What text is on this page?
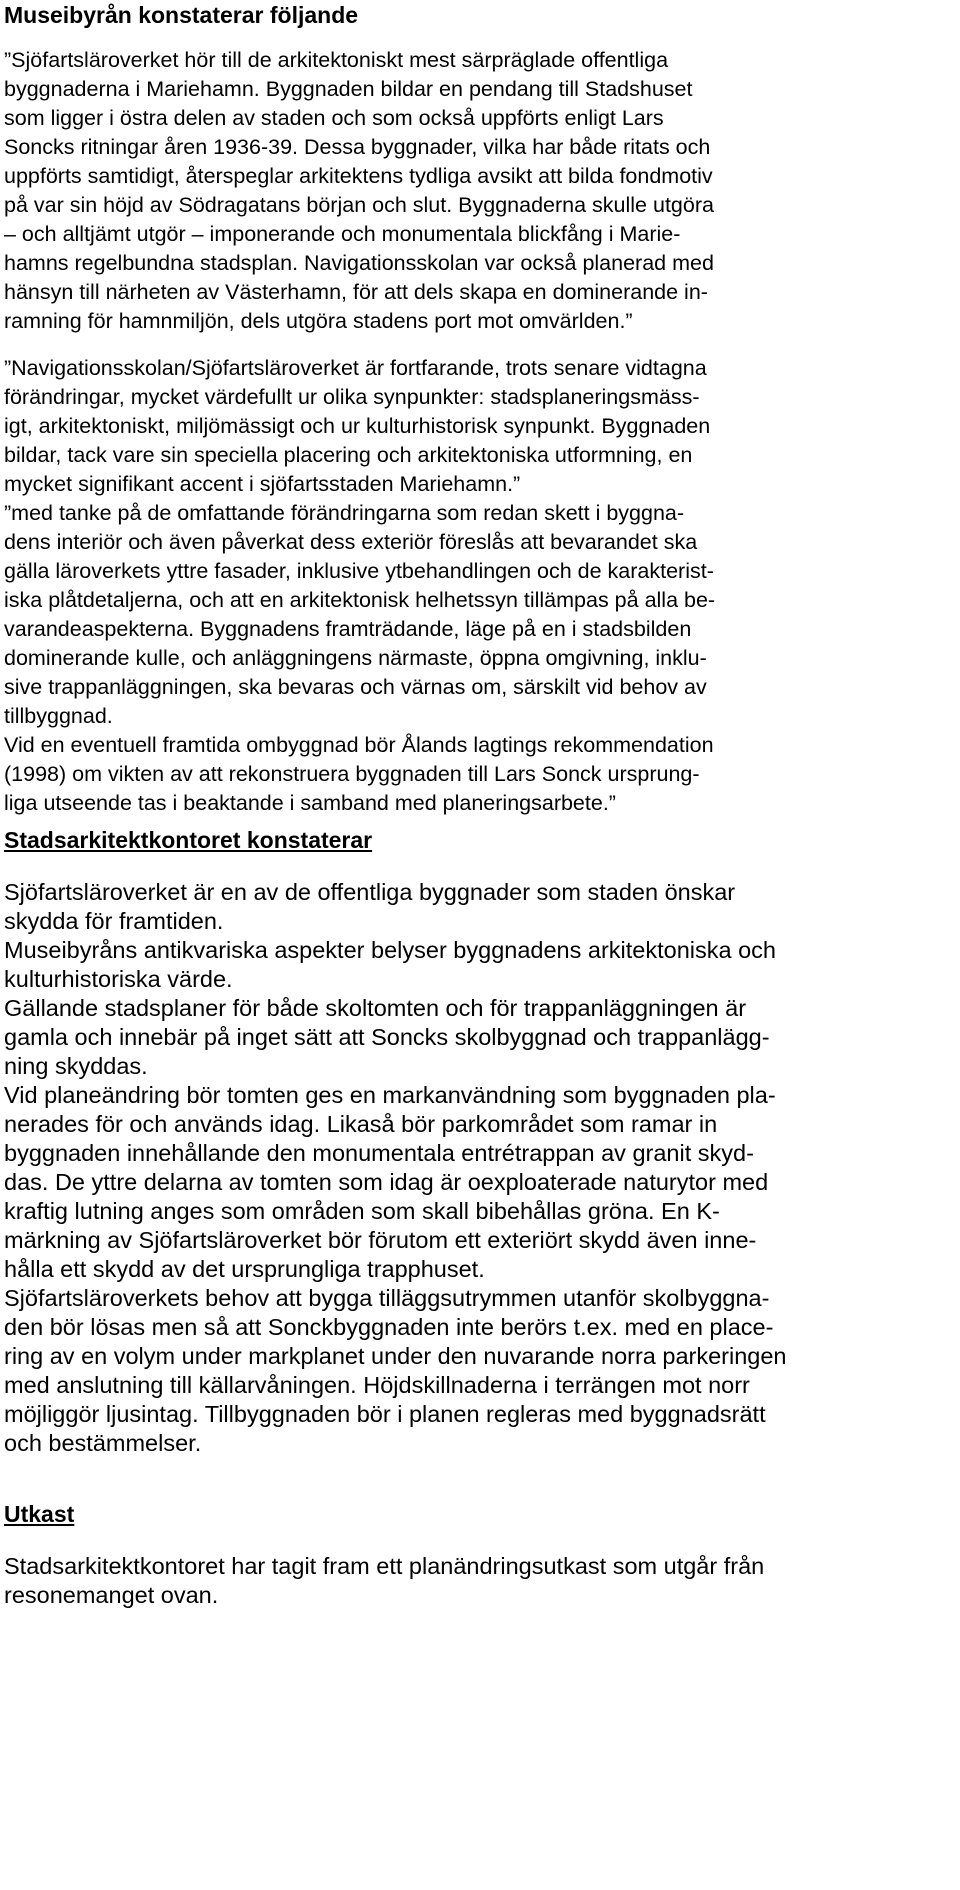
Museibyrån konstaterar följande
”Sjöfartsläroverket hör till de arkitektoniskt mest särpräglade offentliga
byggnaderna i Mariehamn. Byggnaden bildar en pendang till Stadshuset
som ligger i östra delen av staden och som också uppförts enligt Lars
Soncks ritningar åren 1936-39. Dessa byggnader, vilka har både ritats och
uppförts samtidigt, återspeglar arkitektens tydliga avsikt att bilda fondmotiv
på var sin höjd av Södragatans början och slut. Byggnaderna skulle utgöra
– och alltjämt utgör – imponerande och monumentala blickfång i Marie-
hamns regelbundna stadsplan. Navigationsskolan var också planerad med
hänsyn till närheten av Västerhamn, för att dels skapa en dominerande in-
ramning för hamnmiljön, dels utgöra stadens port mot omvärlden.”
”Navigationsskolan/Sjöfartsläroverket är fortfarande, trots senare vidtagna
förändringar, mycket värdefullt ur olika synpunkter: stadsplaneringsmäss-
igt, arkitektoniskt, miljömässigt och ur kulturhistorisk synpunkt. Byggnaden
bildar, tack vare sin speciella placering och arkitektoniska utformning, en
mycket signifikant accent i sjöfartsstaden Mariehamn.”
”med tanke på de omfattande förändringarna som redan skett i byggna-
dens interiör och även påverkat dess exteriör föreslås att bevarandet ska
gälla läroverkets yttre fasader, inklusive ytbehandlingen och de karakterist-
iska plåtdetaljerna, och att en arkitektonisk helhetssyn tillämpas på alla be-
varandeaspekterna. Byggnadens framträdande, läge på en i stadsbilden
dominerande kulle, och anläggningens närmaste, öppna omgivning, inklu-
sive trappanläggningen, ska bevaras och värnas om, särskilt vid behov av
tillbyggnad.
Vid en eventuell framtida ombyggnad bör Ålands lagtings rekommendation
(1998) om vikten av att rekonstruera byggnaden till Lars Sonck ursprung-
liga utseende tas i beaktande i samband med planeringsarbete.”
Stadsarkitektkontoret konstaterar
Sjöfartsläroverket är en av de offentliga byggnader som staden önskar
skydda för framtiden.
Museibyråns antikvariska aspekter belyser byggnadens arkitektoniska och
kulturhistoriska värde.
Gällande stadsplaner för både skoltomten och för trappanläggningen är
gamla och innebär på inget sätt att Soncks skolbyggnad och trappanlägg-
ning skyddas.
Vid planeändring bör tomten ges en markanvändning som byggnaden pla-
nerades för och används idag. Likaså bör parkområdet som ramar in
byggnaden innehållande den monumentala entrétrappan av granit skyd-
das. De yttre delarna av tomten som idag är oexploaterade naturytor med
kraftig lutning anges som områden som skall bibehållas gröna. En K-
märkning av Sjöfartsläroverket bör förutom ett exteriört skydd även inne-
hålla ett skydd av det ursprungliga trapphuset.
Sjöfartsläroverkets behov att bygga tilläggsutrymmen utanför skolbyggna-
den bör lösas men så att Sonckbyggnaden inte berörs t.ex. med en place-
ring av en volym under markplanet under den nuvarande norra parkeringen
med anslutning till källarvåningen. Höjdskillnaderna i terrängen mot norr
möjliggör ljusintag. Tillbyggnaden bör i planen regleras med byggnadsrätt
och bestämmelser.
Utkast
Stadsarkitektkontoret har tagit fram ett planändringsutkast som utgår från
resonemanget ovan.
